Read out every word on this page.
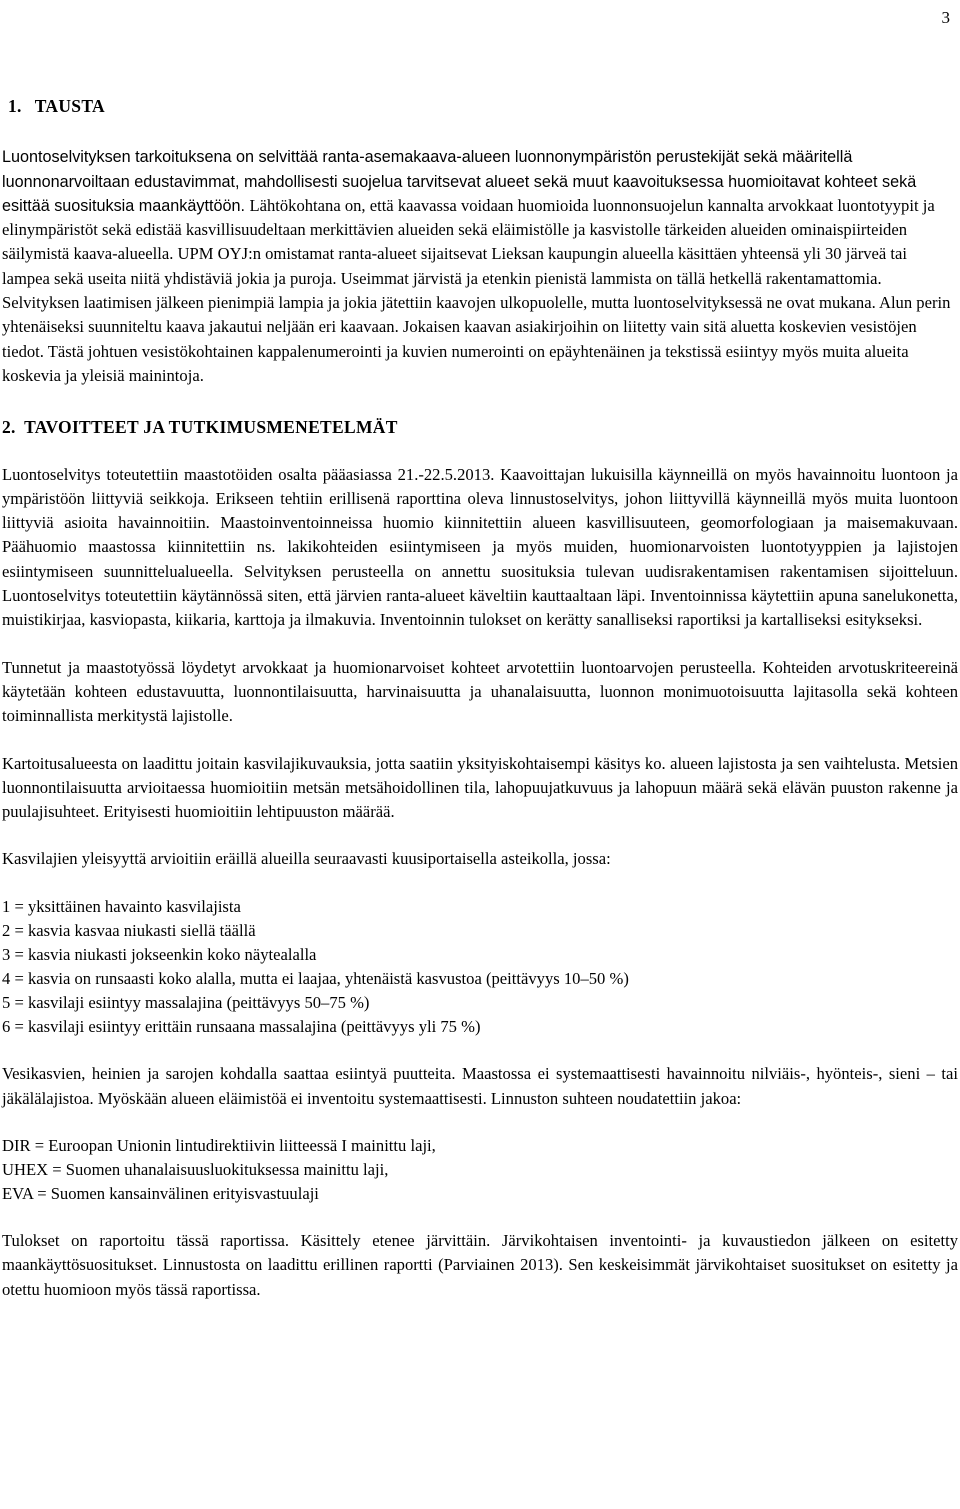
3
1. TAUSTA

Luontoselvityksen tarkoituksena on selvittää ranta-asemakaava-alueen luonnonympäristön perustekijät sekä määritellä luonnonarvoiltaan edustavimmat, mahdollisesti suojelua tarvitsevat alueet sekä muut kaavoituksessa huomioitavat kohteet sekä esittää suosituksia maankäyttöön.

Lähtökohtana on, että kaavassa voidaan huomioida luonnonsuojelun kannalta arvokkaat luontotyypit ja elinympäristöt sekä edistää kasvillisuudeltaan merkittävien alueiden sekä eläimistölle ja kasvistolle tärkeiden alueiden ominaispiirteiden säilymistä kaava-alueella. UPM OYJ:n omistamat ranta-alueet sijaitsevat Lieksan kaupungin alueella käsittäen yhteensä yli 30 järveä tai lampea sekä useita niitä yhdistäviä jokia ja puroja. Useimmat järvistä ja etenkin pienistä lammista on tällä hetkellä rakentamattomia. Selvityksen laatimisen jälkeen pienimpiä lampia ja jokia jätettiin kaavojen ulkopuolelle, mutta luontoselvityksessä ne ovat mukana. Alun perin yhtenäiseksi suunniteltu kaava jakautui neljään eri kaavaan. Jokaisen kaavan asiakirjoihin on liitetty vain sitä aluetta koskevien vesistöjen tiedot. Tästä johtuen vesistökohtainen kappalenumerointi ja kuvien numerointi on epäyhtenäinen ja tekstissä esiintyy myös muita alueita koskevia ja yleisiä mainintoja.

2. TAVOITTEET JA TUTKIMUSMENETELMÄT

Luontoselvitys toteutettiin maastotöiden osalta pääasiassa 21.-22.5.2013. Kaavoittajan lukuisilla käynneillä on myös havainnoitu luontoon ja ympäristöön liittyviä seikkoja. Erikseen tehtiin erillisenä raporttina oleva linnustoselvitys, johon liittyvillä käynneillä myös muita luontoon liittyviä asioita havainnoitiin. Maastoinventoinneissa huomio kiinnitettiin alueen kasvillisuuteen, geomorfologiaan ja maisemakuvaan. Päähuomio maastossa kiinnitettiin ns. lakikohteiden esiintymiseen ja myös muiden, huomionarvoisten luontotyyppien ja lajistojen esiintymiseen suunnittelualueella. Selvityksen perusteella on annettu suosituksia tulevan uudisrakentamisen rakentamisen sijoitteluun. Luontoselvitys toteutettiin käytännössä siten, että järvien ranta-alueet käveltiin kauttaaltaan läpi. Inventoinnissa käytettiin apuna sanelukonetta, muistikirjaa, kasviopasta, kiikaria, karttoja ja ilmakuvia. Inventoinnin tulokset on kerätty sanalliseksi raportiksi ja kartalliseksi esitykseksi.

Tunnetut ja maastotyössä löydetyt arvokkaat ja huomionarvoiset kohteet arvotettiin luontoarvojen perusteella. Kohteiden arvotuskriteereinä käytetään kohteen edustavuutta, luonnontilaisuutta, harvinaisuutta ja uhanalaisuutta, luonnon monimuotoisuutta lajitasolla sekä kohteen toiminnallista merkitystä lajistolle.

Kartoitusalueesta on laadittu joitain kasvilajikuvauksia, jotta saatiin yksityiskohtaisempi käsitys ko. alueen lajistosta ja sen vaihtelusta. Metsien luonnontilaisuutta arvioitaessa huomioitiin metsän metsähoidollinen tila, lahopuujatkuvuus ja lahopuun määrä sekä elävän puuston rakenne ja puulajisuhteet. Erityisesti huomioitiin lehtipuuston määrää.

Kasvilajien yleisyyttä arvioitiin eräillä alueilla seuraavasti kuusiportaisella asteikolla, jossa:

1 = yksittäinen havainto kasvilajista
2 = kasvia kasvaa niukasti siellä täällä
3 = kasvia niukasti jokseenkin koko näytealalla
4 = kasvia on runsaasti koko alalla, mutta ei laajaa, yhtenäistä kasvustoa (peittävyys 10–50 %)
5 = kasvilaji esiintyy massalajina (peittävyys 50–75 %)
6 = kasvilaji esiintyy erittäin runsaana massalajina (peittävyys yli 75 %)

Vesikasvien, heinien ja sarojen kohdalla saattaa esiintyä puutteita. Maastossa ei systemaattisesti havainnoitu nilviäis-, hyönteis-, sieni – tai jäkälälajistoa. Myöskään alueen eläimistöä ei inventoitu systemaattisesti. Linnuston suhteen noudatettiin jakoa:

DIR = Euroopan Unionin lintudirektiivin liitteessä I mainittu laji,
UHEX = Suomen uhanalaisuusluokituksessa mainittu laji,
EVA = Suomen kansainvälinen erityisvastuulaji

Tulokset on raportoitu tässä raportissa. Käsittely etenee järvittäin. Järvikohtaisen inventointi- ja kuvaustiedon jälkeen on esitetty maankäyttösuositukset. Linnustosta on laadittu erillinen raportti (Parviainen 2013). Sen keskeisimmät järvikohtaiset suositukset on esitetty ja otettu huomioon myös tässä raportissa.
